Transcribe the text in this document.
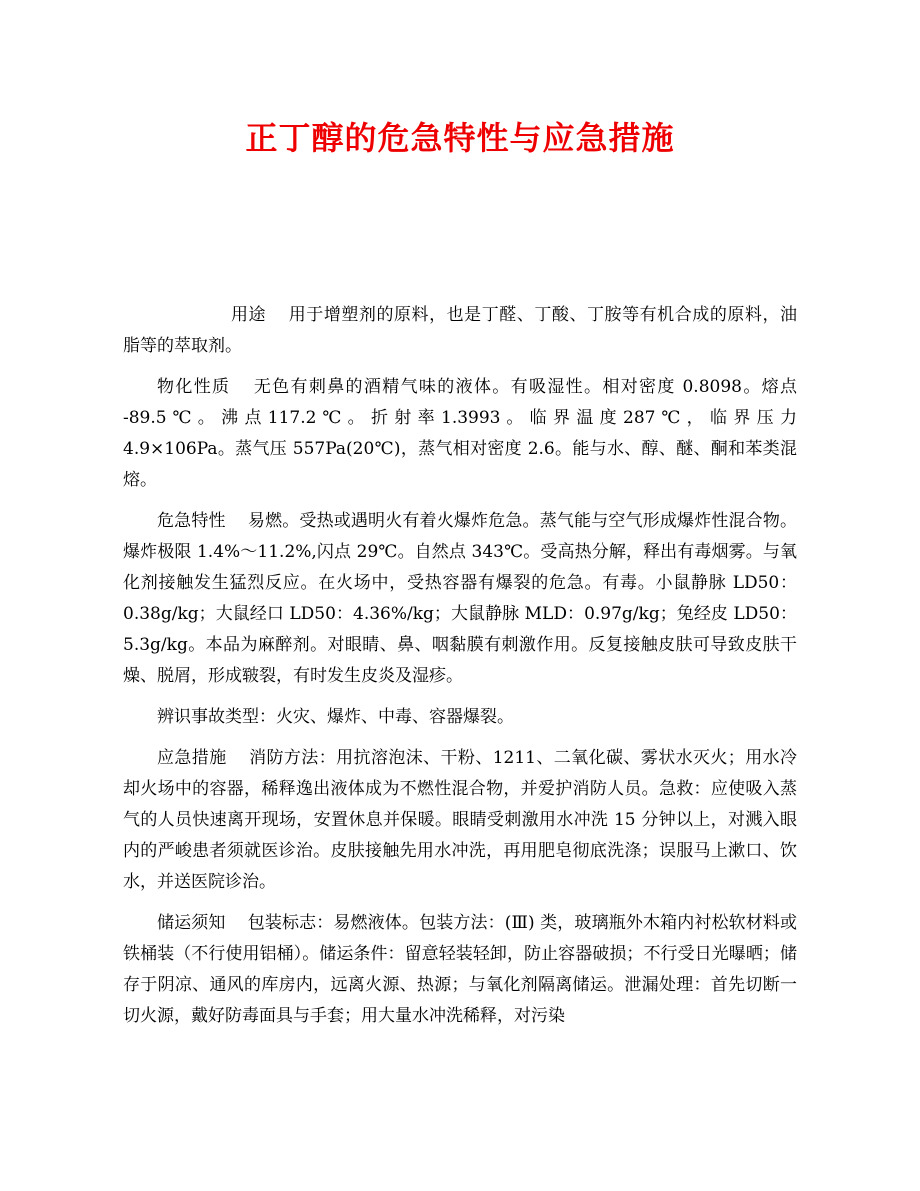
正丁醇的危急特性与应急措施

用途 用于增塑剂的原料，也是丁醛、丁酸、丁胺等有机合成的原料，油脂等的萃取剂。

物化性质 无色有刺鼻的酒精气味的液体。有吸湿性。相对密度 0.8098。熔点 -89.5 ℃ 。 沸 点 117.2 ℃ 。 折 射 率 1.3993 。 临 界 温 度 287 ℃ ， 临 界 压 力 4.9×106Pa。蒸气压 557Pa(20℃)，蒸气相对密度 2.6。能与水、醇、醚、酮和苯类混熔。

危急特性 易燃。受热或遇明火有着火爆炸危急。蒸气能与空气形成爆炸性混合物。爆炸极限 1.4%～11.2%,闪点 29℃。自然点 343℃。受高热分解，释出有毒烟雾。与氧化剂接触发生猛烈反应。在火场中，受热容器有爆裂的危急。有毒。小鼠静脉 LD50：0.38g/kg；大鼠经口 LD50：4.36%/kg；大鼠静脉 MLD：0.97g/kg；兔经皮 LD50：5.3g/kg。本品为麻醉剂。对眼睛、鼻、咽黏膜有刺激作用。反复接触皮肤可导致皮肤干燥、脱屑，形成皲裂，有时发生皮炎及湿疹。

辨识事故类型：火灾、爆炸、中毒、容器爆裂。

应急措施 消防方法：用抗溶泡沫、干粉、1211、二氧化碳、雾状水灭火；用水冷却火场中的容器，稀释逸出液体成为不燃性混合物，并爱护消防人员。急救：应使吸入蒸气的人员快速离开现场，安置休息并保暖。眼睛受刺激用水冲洗 15 分钟以上，对溅入眼内的严峻患者须就医诊治。皮肤接触先用水冲洗，再用肥皂彻底洗涤；误服马上漱口、饮水，并送医院诊治。

储运须知 包装标志：易燃液体。包装方法：(Ⅲ) 类，玻璃瓶外木箱内衬松软材料或铁桶装（不行使用铝桶）。储运条件：留意轻装轻卸，防止容器破损；不行受日光曝晒；储存于阴凉、通风的库房内，远离火源、热源；与氧化剂隔离储运。泄漏处理：首先切断一切火源，戴好防毒面具与手套；用大量水冲洗稀释，对污染
